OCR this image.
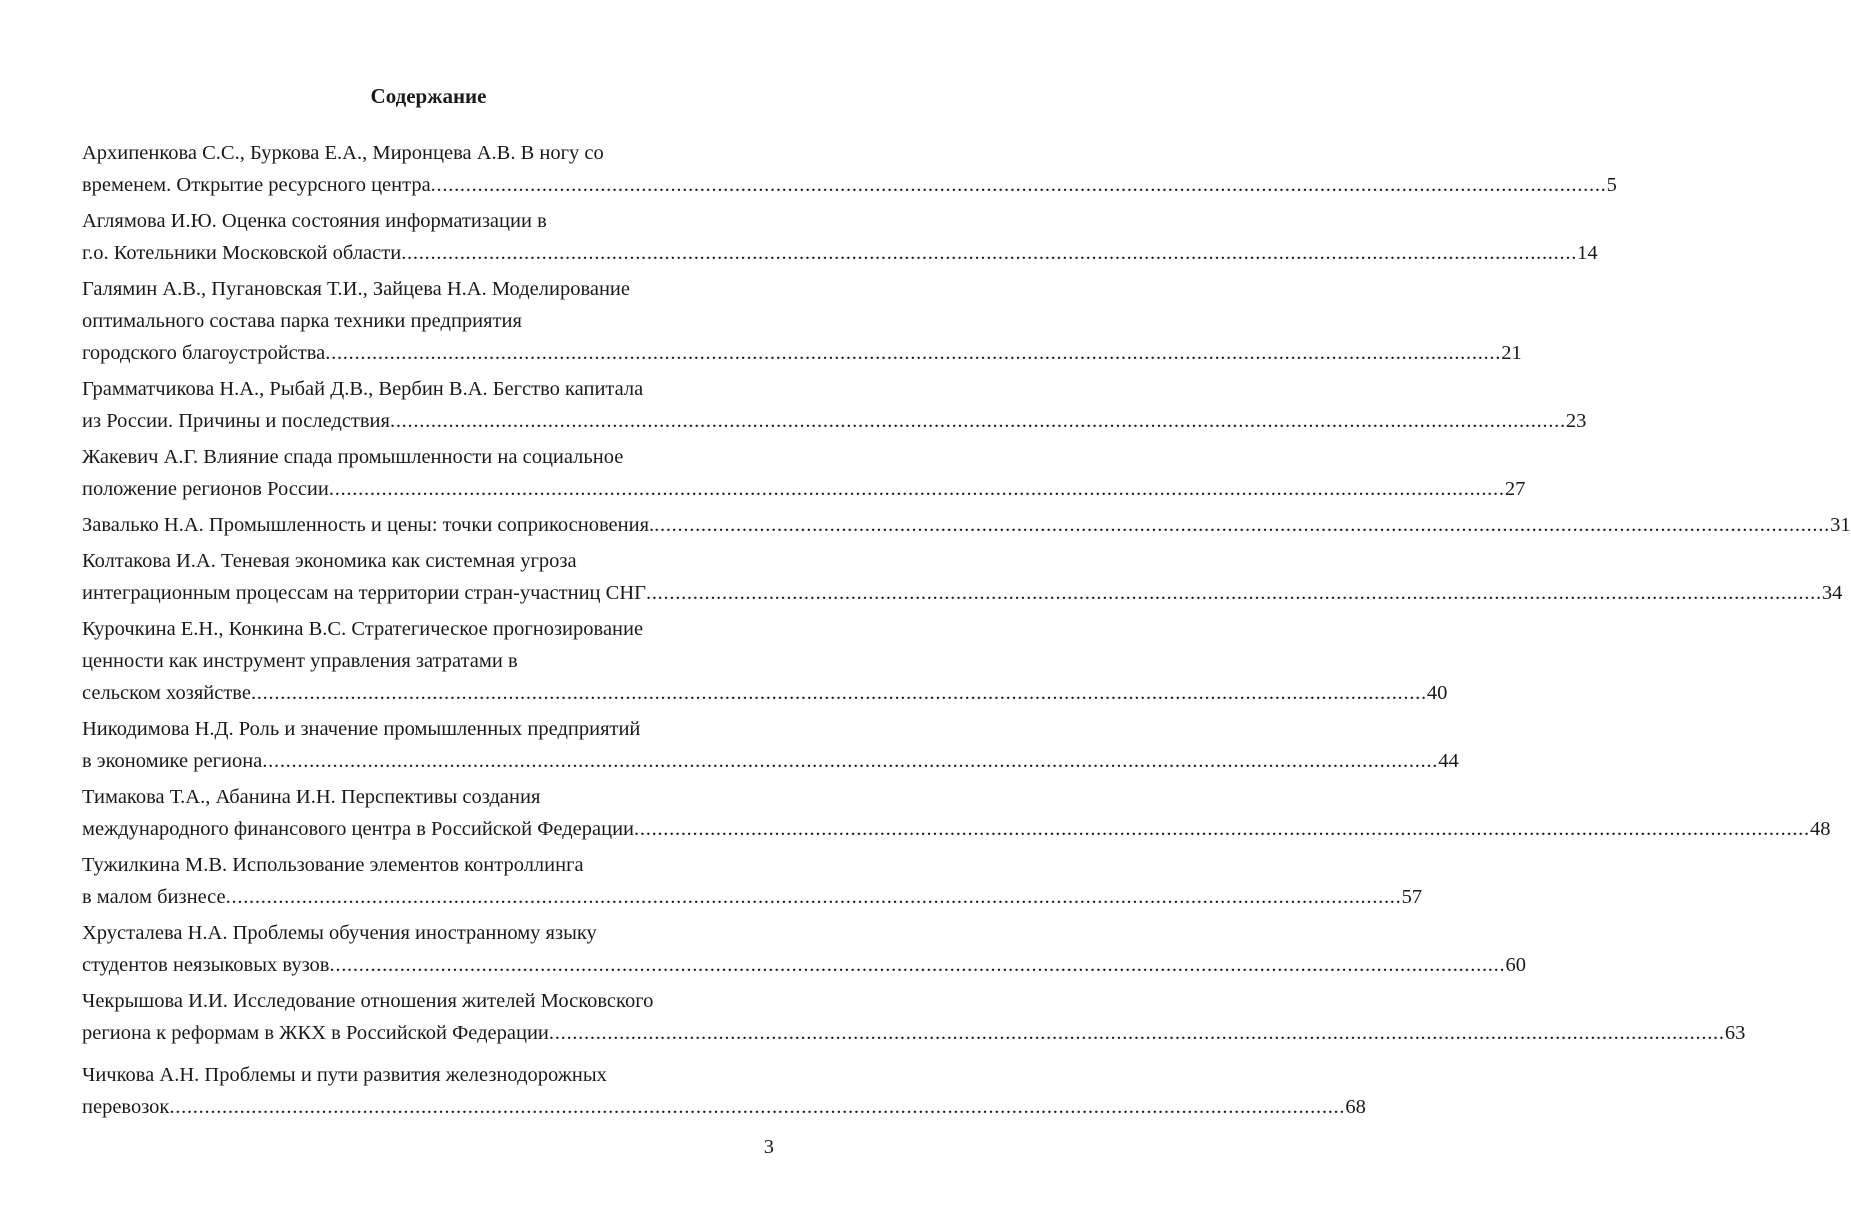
Содержание
Архипенкова С.С., Буркова Е.А., Миронцева А.В. В ногу со
временем. Открытие ресурсного центра . . .	5
Аглямова И.Ю. Оценка состояния информатизации в
г.о. Котельники Московской области . . .	14
Галямин А.В., Пугановская Т.И., Зайцева Н.А. Моделирование
оптимального состава парка техники предприятия
городского благоустройства . . .	21
Грамматчикова Н.А., Рыбай Д.В., Вербин В.А. Бегство капитала
из России. Причины и последствия . . .	23
Жакевич А.Г. Влияние спада промышленности на социальное
положение регионов России . . .	27
Завалько Н.А. Промышленность и цены: точки соприкосновения. . . .	31
Колтакова И.А. Теневая экономика как системная угроза
интеграционным процессам на территории стран-участниц СНГ . . .	34
Курочкина Е.Н., Конкина В.С. Стратегическое прогнозирование
ценности как инструмент управления затратами в
сельском хозяйстве . . .	40
Никодимова Н.Д. Роль и значение промышленных предприятий
в экономике региона . . .	44
Тимакова Т.А., Абанина И.Н. Перспективы создания
международного финансового центра в Российской Федерации . . .	48
Тужилкина М.В. Использование элементов контроллинга
в малом бизнесе . . .	57
Хрусталева Н.А. Проблемы обучения иностранному языку
студентов неязыковых вузов . . .	60
Чекрышова И.И. Исследование отношения жителей Московского
региона к реформам в ЖКХ в Российской Федерации . . .	63
Чичкова А.Н. Проблемы и пути развития железнодорожных
перевозок . . .	68
3
